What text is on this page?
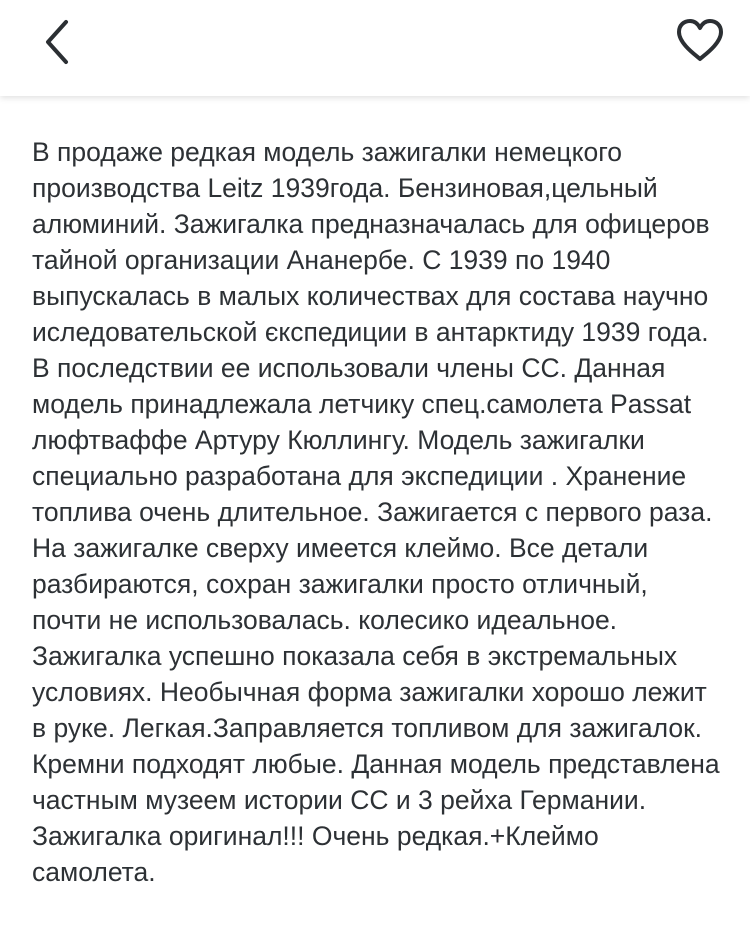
В продаже редкая модель зажигалки немецкого производства Leitz 1939года. Бензиновая,цельный алюминий. Зажигалка предназначалась для офицеров тайной организации Ананербе. С 1939 по 1940 выпускалась в малых количествах для состава научно иследовательской єкспедиции в антарктиду 1939 года. В последствии ее использовали члены СС. Данная модель принадлежала летчику спец.самолета Passat люфтваффе Артуру Кюллингу. Модель зажигалки специально разработана для экспедиции . Хранение топлива очень длительное. Зажигается с первого раза. На зажигалке сверху имеется клеймо. Все детали разбираются, сохран зажигалки просто отличный, почти не использовалась. колесико идеальное. Зажигалка успешно показала себя в экстремальных условиях. Необычная форма зажигалки хорошо лежит в руке. Легкая.Заправляется топливом для зажигалок. Кремни подходят любые. Данная модель представлена частным музеем истории СС и 3 рейха Германии. Зажигалка оригинал!!! Очень редкая.+Клеймо самолета.
